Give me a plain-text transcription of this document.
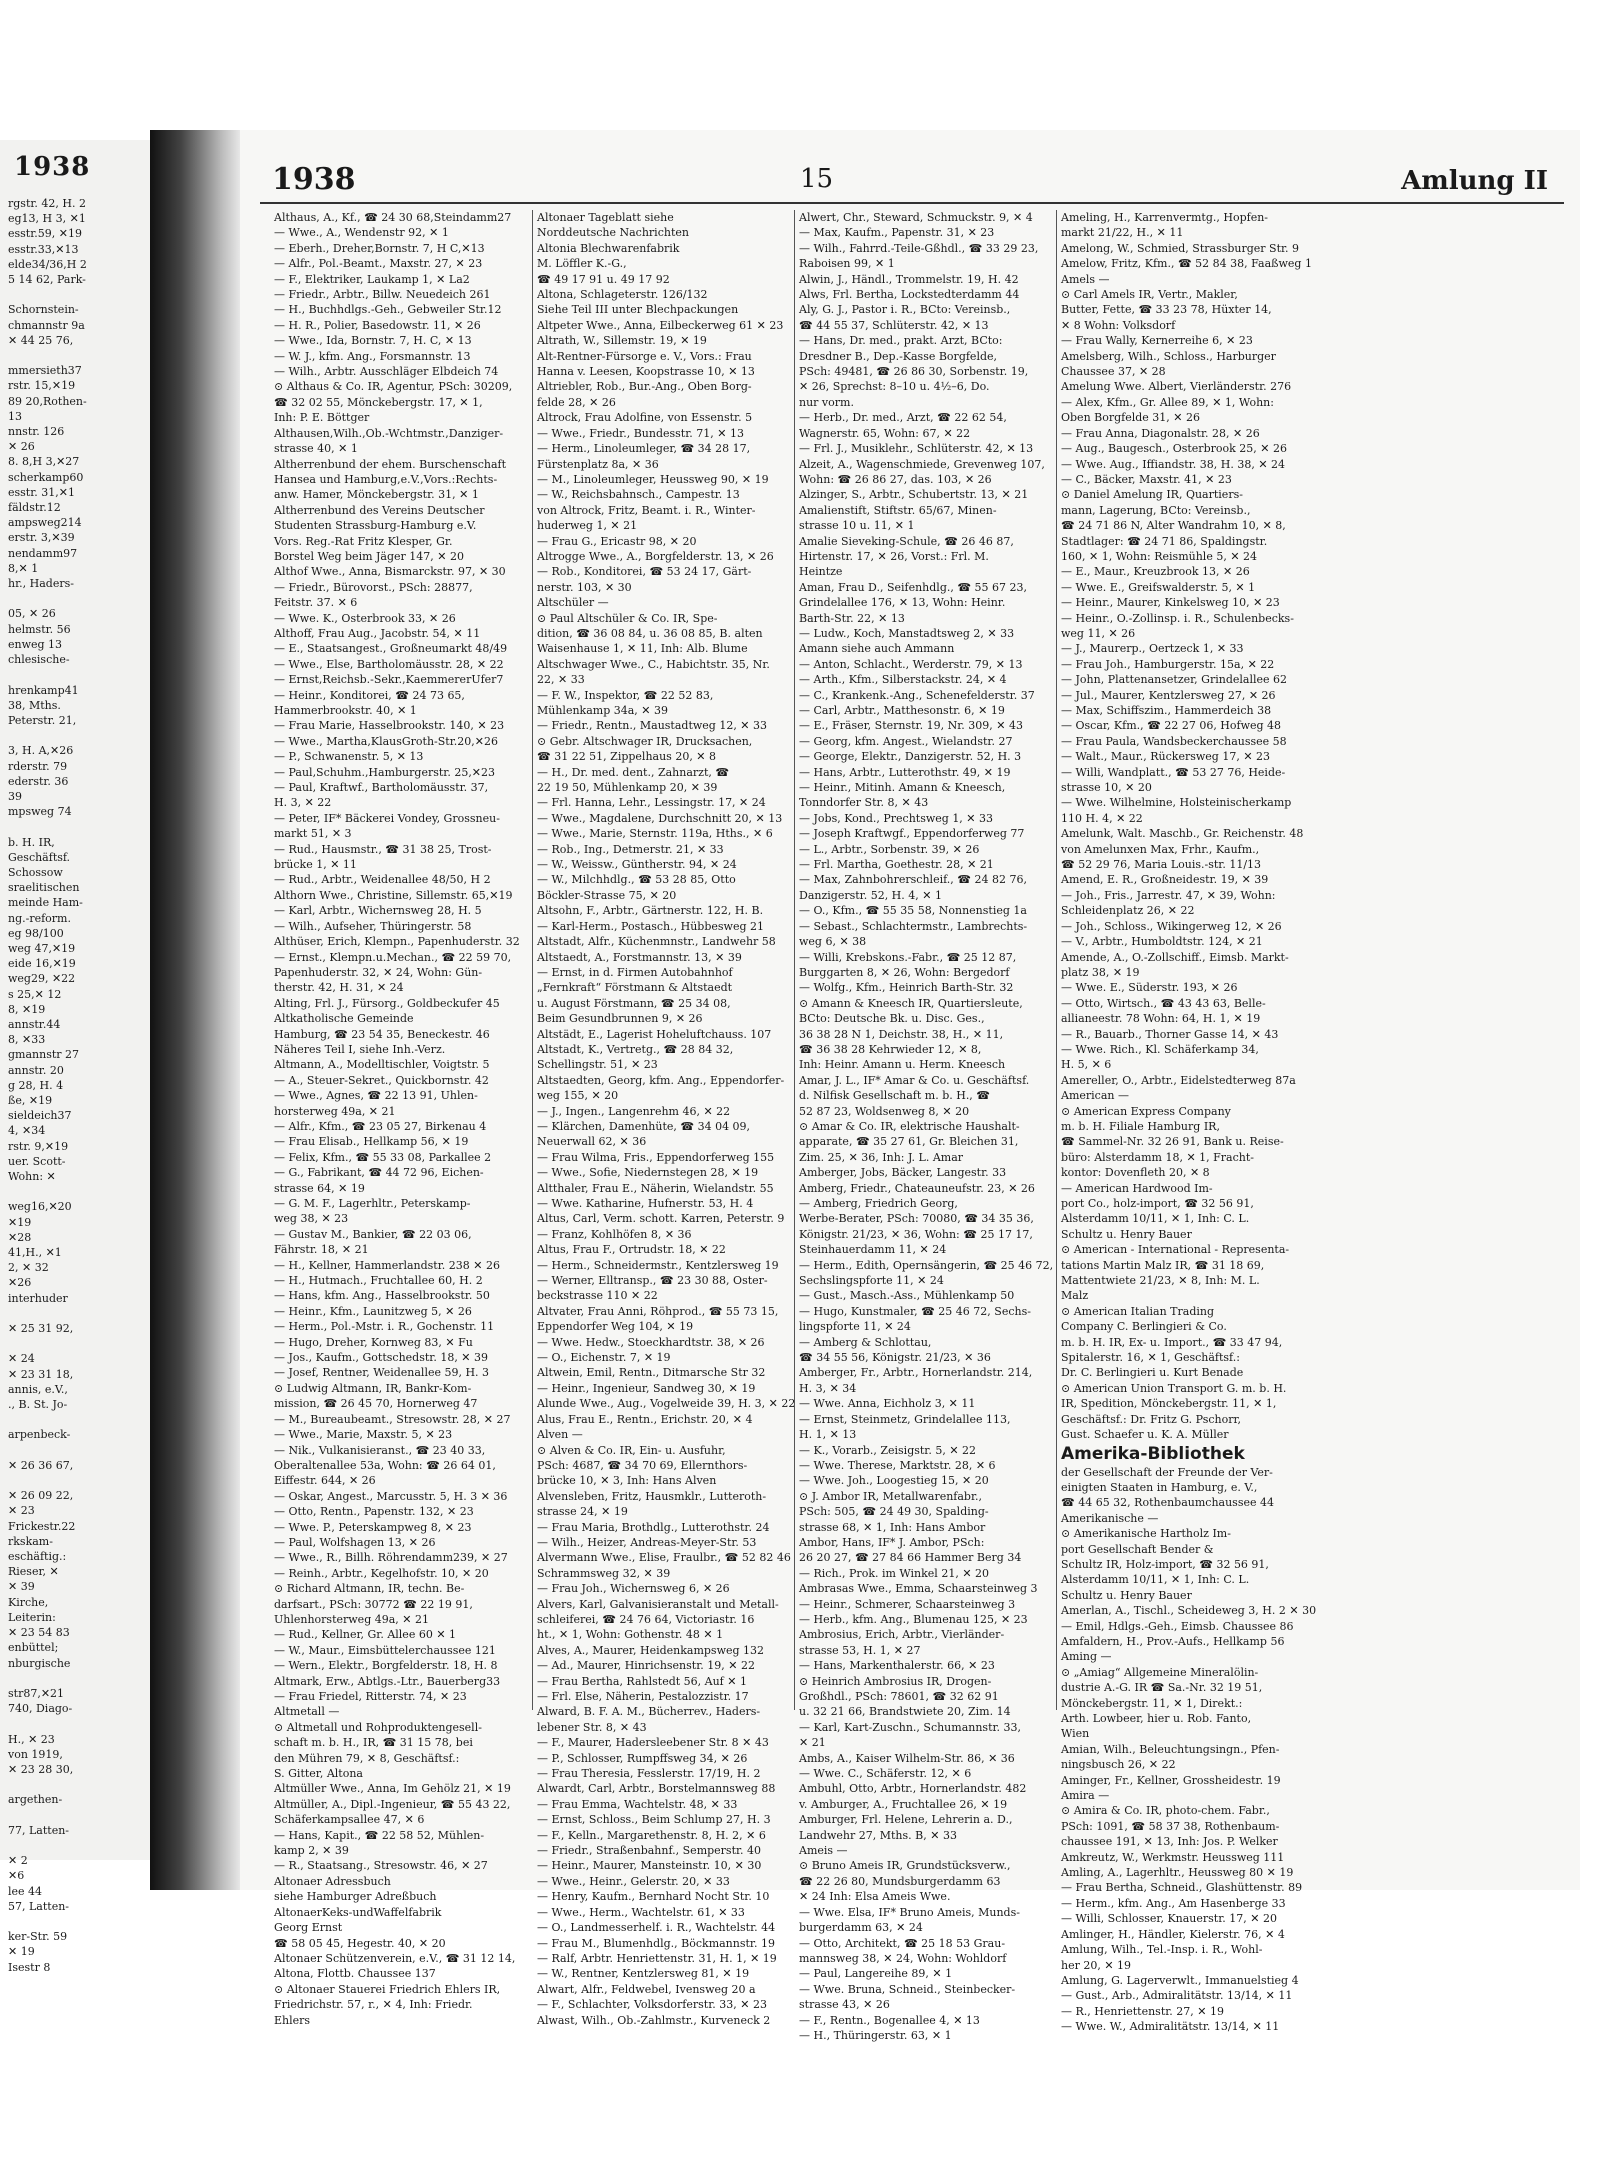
1938
rgstr. 42, H. 2
eg13, H 3, ✕1
esstr.59, ✕19
esstr.33,✕13
elde34/36,H 2
5 14 62, Park-

Schornstein-
chmannstr 9a
✕ 44 25 76,

mmersieth37
rstr. 15,✕19
89 20,Rothen-
13
nnstr. 126
✕ 26
8. 8,H 3,✕27
scherkamp60
esstr. 31,✕1
fäldstr.12
ampsweg214
erstr. 3,✕39
nendamm97
8,✕ 1
hr., Haders-

05, ✕ 26
helmstr. 56
enweg 13
chlesische-

hrenkamp41
38, Mths.
Peterstr. 21,

3, H. A,✕26
rderstr. 79
ederstr. 36
39
mpsweg 74

b. H. IR,
Geschäftsf.
Schossow
sraelitischen
meinde Ham-
ng.-reform.
eg 98/100
weg 47,✕19
eide 16,✕19
weg29, ✕22
s 25,✕ 12
8, ✕19
annstr.44
8, ✕33
gmannstr 27
annstr. 20
g 28, H. 4
ße, ✕19
sieldeich37
4, ✕34
rstr. 9,✕19
uer. Scott-
Wohn: ✕

weg16,✕20
✕19
✕28
41,H., ✕1
2, ✕ 32
✕26
interhuder

✕ 25 31 92,

✕ 24
✕ 23 31 18,
annis, e.V.,
., B. St. Jo-

arpenbeck-

✕ 26 36 67,

✕ 26 09 22,
✕ 23
Frickestr.22
rkskam-
eschäftig.:
Rieser, ✕
✕ 39
Kirche,
Leiterin:
✕ 23 54 83
enbüttel;
nburgische

str87,✕21
740, Diago-

H., ✕ 23
von 1919,
✕ 23 28 30,

argethen-

77, Latten-

✕ 2
✕6
lee 44
57, Latten-

ker-Str. 59
✕ 19
Isestr 8
1938	15	Amlung II
Althaus, A., Kf., ☎ 24 30 68,Steindamm27
— Wwe., A., Wendenstr 92, ✕ 1
— Eberh., Dreher,Bornstr. 7, H C,✕13
— Alfr., Pol.-Beamt., Maxstr. 27, ✕ 23
— F., Elektriker, Laukamp 1, ✕ La2
— Friedr., Arbtr., Billw. Neuedeich 261
— H., Buchhdlgs.-Geh., Gebweiler Str.12
— H. R., Polier, Basedowstr. 11, ✕ 26
— Wwe., Ida, Bornstr. 7, H. C, ✕ 13
— W. J., kfm. Ang., Forsmannstr. 13
— Wilh., Arbtr. Ausschläger Elbdeich 74
⊙ Althaus & Co. IR, Agentur, PSch: 30209,
☎ 32 02 55, Mönckebergstr. 17, ✕ 1,
Inh: P. E. Böttger
Althausen,Wilh.,Ob.-Wchtmstr.,Danziger-
strasse 40, ✕ 1
Altherrenbund der ehem. Burschenschaft
Hansea und Hamburg,e.V.,Vors.:Rechts-
anw. Hamer, Mönckebergstr. 31, ✕ 1
Altherrenbund des Vereins Deutscher
Studenten Strassburg-Hamburg e.V.
Vors. Reg.-Rat Fritz Klesper, Gr.
Borstel Weg beim Jäger 147, ✕ 20
Althof Wwe., Anna, Bismarckstr. 97, ✕ 30
— Friedr., Bürovorst., PSch: 28877,
Feitstr. 37. ✕ 6
— Wwe. K., Osterbrook 33, ✕ 26
Althoff, Frau Aug., Jacobstr. 54, ✕ 11
— E., Staatsangest., Großneumarkt 48/49
— Wwe., Else, Bartholomäusstr. 28, ✕ 22
— Ernst,Reichsb.-Sekr.,KaemmererUfer7
— Heinr., Konditorei, ☎ 24 73 65,
Hammerbrookstr. 40, ✕ 1
— Frau Marie, Hasselbrookstr. 140, ✕ 23
— Wwe., Martha,KlausGroth-Str.20,✕26
— P., Schwanenstr. 5, ✕ 13
— Paul,Schuhm.,Hamburgerstr. 25,✕23
— Paul, Kraftwf., Bartholomäusstr. 37,
H. 3, ✕ 22
— Peter, IF* Bäckerei Vondey, Grossneu-
markt 51, ✕ 3
— Rud., Hausmstr., ☎ 31 38 25, Trost-
brücke 1, ✕ 11
— Rud., Arbtr., Weidenallee 48/50, H 2
Althorn Wwe., Christine, Sillemstr. 65,✕19
— Karl, Arbtr., Wichernsweg 28, H. 5
— Wilh., Aufseher, Thüringerstr. 58
Althüser, Erich, Klempn., Papenhuderstr. 32
— Ernst., Klempn.u.Mechan., ☎ 22 59 70,
Papenhuderstr. 32, ✕ 24, Wohn: Gün-
therstr. 42, H. 31, ✕ 24
Alting, Frl. J., Fürsorg., Goldbeckufer 45
Altkatholische Gemeinde
Hamburg, ☎ 23 54 35, Beneckestr. 46
Näheres Teil I, siehe Inh.-Verz.
Altmann, A., Modelltischler, Voigtstr. 5
— A., Steuer-Sekret., Quickbornstr. 42
— Wwe., Agnes, ☎ 22 13 91, Uhlen-
horsterweg 49a, ✕ 21
— Alfr., Kfm., ☎ 23 05 27, Birkenau 4
— Frau Elisab., Hellkamp 56, ✕ 19
— Felix, Kfm., ☎ 55 33 08, Parkallee 2
— G., Fabrikant, ☎ 44 72 96, Eichen-
strasse 64, ✕ 19
— G. M. F., Lagerhltr., Peterskamp-
weg 38, ✕ 23
— Gustav M., Bankier, ☎ 22 03 06,
Fährstr. 18, ✕ 21
— H., Kellner, Hammerlandstr. 238 ✕ 26
— H., Hutmach., Fruchtallee 60, H. 2
— Hans, kfm. Ang., Hasselbrookstr. 50
— Heinr., Kfm., Launitzweg 5, ✕ 26
— Herm., Pol.-Mstr. i. R., Gochenstr. 11
— Hugo, Dreher, Kornweg 83, ✕ Fu
— Jos., Kaufm., Gottschedstr. 18, ✕ 39
— Josef, Rentner, Weidenallee 59, H. 3
⊙ Ludwig Altmann, IR, Bankr-Kom-
mission, ☎ 26 45 70, Hornerweg 47
— M., Bureaubeamt., Stresowstr. 28, ✕ 27
— Wwe., Marie, Maxstr. 5, ✕ 23
— Nik., Vulkanisieranst., ☎ 23 40 33,
Oberaltenallee 53a, Wohn: ☎ 26 64 01,
Eiffestr. 644, ✕ 26
— Oskar, Angest., Marcusstr. 5, H. 3 ✕ 36
— Otto, Rentn., Papenstr. 132, ✕ 23
— Wwe. P., Peterskampweg 8, ✕ 23
— Paul, Wolfshagen 13, ✕ 26
— Wwe., R., Billh. Röhrendamm239, ✕ 27
— Reinh., Arbtr., Kegelhofstr. 10, ✕ 20
⊙ Richard Altmann, IR, techn. Be-
darfsart., PSch: 30772 ☎ 22 19 91,
Uhlenhorsterweg 49a, ✕ 21
— Rud., Kellner, Gr. Allee 60 ✕ 1
— W., Maur., Eimsbüttelerchaussee 121
— Wern., Elektr., Borgfelderstr. 18, H. 8
Altmark, Erw., Abtlgs.-Ltr., Bauerberg33
— Frau Friedel, Ritterstr. 74, ✕ 23
Altmetall —
⊙ Altmetall und Rohproduktengesell-
schaft m. b. H., IR, ☎ 31 15 78, bei
den Mühren 79, ✕ 8, Geschäftsf.:
S. Gitter, Altona
Altmüller Wwe., Anna, Im Gehölz 21, ✕ 19
Altmüller, A., Dipl.-Ingenieur, ☎ 55 43 22,
Schäferkampsallee 47, ✕ 6
— Hans, Kapit., ☎ 22 58 52, Mühlen-
kamp 2, ✕ 39
— R., Staatsang., Stresowstr. 46, ✕ 27
Altonaer Adressbuch
siehe Hamburger Adreßbuch
AltonaerKeks-undWaffelfabrik
Georg Ernst
☎ 58 05 45, Hegestr. 40, ✕ 20
Altonaer Schützenverein, e.V., ☎ 31 12 14,
Altona, Flottb. Chaussee 137
⊙ Altonaer Stauerei Friedrich Ehlers IR,
Friedrichstr. 57, r., ✕ 4, Inh: Friedr.
Ehlers
Altonaer Tageblatt siehe
Norddeutsche Nachrichten
Altonia Blechwarenfabrik
M. Löffler K.-G.,
☎ 49 17 91 u. 49 17 92
Altona, Schlageterstr. 126/132
Siehe Teil III unter Blechpackungen
Altpeter Wwe., Anna, Eilbeckerweg 61 ✕ 23
Altrath, W., Sillemstr. 19, ✕ 19
Alt-Rentner-Fürsorge e. V., Vors.: Frau
Hanna v. Leesen, Koopstrasse 10, ✕ 13
Altriebler, Rob., Bur.-Ang., Oben Borg-
felde 28, ✕ 26
Altrock, Frau Adolfine, von Essenstr. 5
— Wwe., Friedr., Bundesstr. 71, ✕ 13
— Herm., Linoleumleger, ☎ 34 28 17,
Fürstenplatz 8a, ✕ 36
— M., Linoleumleger, Heussweg 90, ✕ 19
— W., Reichsbahnsch., Campestr. 13
von Altrock, Fritz, Beamt. i. R., Winter-
huderweg 1, ✕ 21
— Frau G., Ericastr 98, ✕ 20
Altrogge Wwe., A., Borgfelderstr. 13, ✕ 26
— Rob., Konditorei, ☎ 53 24 17, Gärt-
nerstr. 103, ✕ 30
Altschüler —
⊙ Paul Altschüler & Co. IR, Spe-
dition, ☎ 36 08 84, u. 36 08 85, B. alten
Waisenhause 1, ✕ 11, Inh: Alb. Blume
Altschwager Wwe., C., Habichtstr. 35, Nr.
22, ✕ 33
— F. W., Inspektor, ☎ 22 52 83,
Mühlenkamp 34a, ✕ 39
— Friedr., Rentn., Maustadtweg 12, ✕ 33
⊙ Gebr. Altschwager IR, Drucksachen,
☎ 31 22 51, Zippelhaus 20, ✕ 8
— H., Dr. med. dent., Zahnarzt, ☎
22 19 50, Mühlenkamp 20, ✕ 39
— Frl. Hanna, Lehr., Lessingstr. 17, ✕ 24
— Wwe., Magdalene, Durchschnitt 20, ✕ 13
— Wwe., Marie, Sternstr. 119a, Hths., ✕ 6
— Rob., Ing., Detmerstr. 21, ✕ 33
— W., Weissw., Güntherstr. 94, ✕ 24
— W., Milchhdlg., ☎ 53 28 85, Otto
Böckler-Strasse 75, ✕ 20
Altsohn, F., Arbtr., Gärtnerstr. 122, H. B.
— Karl-Herm., Postasch., Hübbesweg 21
Altstadt, Alfr., Küchenmnstr., Landwehr 58
Altstaedt, A., Forstmannstr. 13, ✕ 39
— Ernst, in d. Firmen Autobahnhof
„Fernkraft“ Förstmann & Altstaedt
u. August Förstmann, ☎ 25 34 08,
Beim Gesundbrunnen 9, ✕ 26
Altstädt, E., Lagerist Hoheluftchauss. 107
Altstadt, K., Vertretg., ☎ 28 84 32,
Schellingstr. 51, ✕ 23
Altstaedten, Georg, kfm. Ang., Eppendorfer-
weg 155, ✕ 20
— J., Ingen., Langenrehm 46, ✕ 22
— Klärchen, Damenhüte, ☎ 34 04 09,
Neuerwall 62, ✕ 36
— Frau Wilma, Fris., Eppendorferweg 155
— Wwe., Sofie, Niedernstegen 28, ✕ 19
Altthaler, Frau E., Näherin, Wielandstr. 55
— Wwe. Katharine, Hufnerstr. 53, H. 4
Altus, Carl, Verm. schott. Karren, Peterstr. 9
— Franz, Kohlhöfen 8, ✕ 36
Altus, Frau F., Ortrudstr. 18, ✕ 22
— Herm., Schneidermstr., Kentzlersweg 19
— Werner, Elltransp., ☎ 23 30 88, Oster-
beckstrasse 110 ✕ 22
Altvater, Frau Anni, Röhprod., ☎ 55 73 15,
Eppendorfer Weg 104, ✕ 19
— Wwe. Hedw., Stoeckhardtstr. 38, ✕ 26
— O., Eichenstr. 7, ✕ 19
Altwein, Emil, Rentn., Ditmarsche Str 32
— Heinr., Ingenieur, Sandweg 30, ✕ 19
Alunde Wwe., Aug., Vogelweide 39, H. 3, ✕ 22
Alus, Frau E., Rentn., Erichstr. 20, ✕ 4
Alven —
⊙ Alven & Co. IR, Ein- u. Ausfuhr,
PSch: 4687, ☎ 34 70 69, Ellernthors-
brücke 10, ✕ 3, Inh: Hans Alven
Alvensleben, Fritz, Hausmklr., Lutteroth-
strasse 24, ✕ 19
— Frau Maria, Brothdlg., Lutterothstr. 24
— Wilh., Heizer, Andreas-Meyer-Str. 53
Alvermann Wwe., Elise, Fraulbr., ☎ 52 82 46
Schrammsweg 32, ✕ 39
— Frau Joh., Wichernsweg 6, ✕ 26
Alvers, Karl, Galvanisieranstalt und Metall-
schleiferei, ☎ 24 76 64, Victoriastr. 16
ht., ✕ 1, Wohn: Gothenstr. 48 ✕ 1
Alves, A., Maurer, Heidenkampsweg 132
— Ad., Maurer, Hinrichsenstr. 19, ✕ 22
— Frau Bertha, Rahlstedt 56, Auf ✕ 1
— Frl. Else, Näherin, Pestalozzistr. 17
Alward, B. F. A. M., Bücherrev., Haders-
lebener Str. 8, ✕ 43
— F., Maurer, Hadersleebener Str. 8 ✕ 43
— P., Schlosser, Rumpffsweg 34, ✕ 26
— Frau Theresia, Fesslerstr. 17/19, H. 2
Alwardt, Carl, Arbtr., Borstelmannsweg 88
— Frau Emma, Wachtelstr. 48, ✕ 33
— Ernst, Schloss., Beim Schlump 27, H. 3
— F., Kelln., Margarethenstr. 8, H. 2, ✕ 6
— Friedr., Straßenbahnf., Semperstr. 40
— Heinr., Maurer, Mansteinstr. 10, ✕ 30
— Wwe., Heinr., Gelerstr. 20, ✕ 33
— Henry, Kaufm., Bernhard Nocht Str. 10
— Wwe., Herm., Wachtelstr. 61, ✕ 33
— O., Landmesserhelf. i. R., Wachtelstr. 44
— Frau M., Blumenhdlg., Böckmannstr. 19
— Ralf, Arbtr. Henriettenstr. 31, H. 1, ✕ 19
— W., Rentner, Kentzlersweg 81, ✕ 19
Alwart, Alfr., Feldwebel, Ivensweg 20 a
— F., Schlachter, Volksdorferstr. 33, ✕ 23
Alwast, Wilh., Ob.-Zahlmstr., Kurveneck 2
Alwert, Chr., Steward, Schmuckstr. 9, ✕ 4
— Max, Kaufm., Papenstr. 31, ✕ 23
— Wilh., Fahrrd.-Teile-Gßhdl., ☎ 33 29 23,
Raboisen 99, ✕ 1
Alwin, J., Händl., Trommelstr. 19, H. 42
Alws, Frl. Bertha, Lockstedterdamm 44
Aly, G. J., Pastor i. R., BCto: Vereinsb.,
☎ 44 55 37, Schlüterstr. 42, ✕ 13
— Hans, Dr. med., prakt. Arzt, BCto:
Dresdner B., Dep.-Kasse Borgfelde,
PSch: 49481, ☎ 26 86 30, Sorbenstr. 19,
✕ 26, Sprechst: 8–10 u. 4½–6, Do.
nur vorm.
— Herb., Dr. med., Arzt, ☎ 22 62 54,
Wagnerstr. 65, Wohn: 67, ✕ 22
— Frl. J., Musiklehr., Schlüterstr. 42, ✕ 13
Alzeit, A., Wagenschmiede, Grevenweg 107,
Wohn: ☎ 26 86 27, das. 103, ✕ 26
Alzinger, S., Arbtr., Schubertstr. 13, ✕ 21
Amalienstift, Stiftstr. 65/67, Minen-
strasse 10 u. 11, ✕ 1
Amalie Sieveking-Schule, ☎ 26 46 87,
Hirtenstr. 17, ✕ 26, Vorst.: Frl. M.
Heintze
Aman, Frau D., Seifenhdlg., ☎ 55 67 23,
Grindelallee 176, ✕ 13, Wohn: Heinr.
Barth-Str. 22, ✕ 13
— Ludw., Koch, Manstadtsweg 2, ✕ 33
Amann siehe auch Ammann
— Anton, Schlacht., Werderstr. 79, ✕ 13
— Arth., Kfm., Silberstackstr. 24, ✕ 4
— C., Krankenk.-Ang., Schenefelderstr. 37
— Carl, Arbtr., Matthesonstr. 6, ✕ 19
— E., Fräser, Sternstr. 19, Nr. 309, ✕ 43
— Georg, kfm. Angest., Wielandstr. 27
— George, Elektr., Danzigerstr. 52, H. 3
— Hans, Arbtr., Lutterothstr. 49, ✕ 19
— Heinr., Mitinh. Amann & Kneesch,
Tonndorfer Str. 8, ✕ 43
— Jobs, Kond., Prechtsweg 1, ✕ 33
— Joseph Kraftwgf., Eppendorferweg 77
— L., Arbtr., Sorbenstr. 39, ✕ 26
— Frl. Martha, Goethestr. 28, ✕ 21
— Max, Zahnbohrerschleif., ☎ 24 82 76,
Danzigerstr. 52, H. 4, ✕ 1
— O., Kfm., ☎ 55 35 58, Nonnenstieg 1a
— Sebast., Schlachtermstr., Lambrechts-
weg 6, ✕ 38
— Willi, Krebskons.-Fabr., ☎ 25 12 87,
Burggarten 8, ✕ 26, Wohn: Bergedorf
— Wolfg., Kfm., Heinrich Barth-Str. 32
⊙ Amann & Kneesch IR, Quartiersleute,
BCto: Deutsche Bk. u. Disc. Ges.,
36 38 28 N 1, Deichstr. 38, H., ✕ 11,
☎ 36 38 28 Kehrwieder 12, ✕ 8,
Inh: Heinr. Amann u. Herm. Kneesch
Amar, J. L., IF* Amar & Co. u. Geschäftsf.
d. Nilfisk Gesellschaft m. b. H., ☎
52 87 23, Woldsenweg 8, ✕ 20
⊙ Amar & Co. IR, elektrische Haushalt-
apparate, ☎ 35 27 61, Gr. Bleichen 31,
Zim. 25, ✕ 36, Inh: J. L. Amar
Amberger, Jobs, Bäcker, Langestr. 33
Amberg, Friedr., Chateauneufstr. 23, ✕ 26
— Amberg, Friedrich Georg,
Werbe-Berater, PSch: 70080, ☎ 34 35 36,
Königstr. 21/23, ✕ 36, Wohn: ☎ 25 17 17,
Steinhauerdamm 11, ✕ 24
— Herm., Edith, Opernsängerin, ☎ 25 46 72,
Sechslingspforte 11, ✕ 24
— Gust., Masch.-Ass., Mühlenkamp 50
— Hugo, Kunstmaler, ☎ 25 46 72, Sechs-
lingspforte 11, ✕ 24
— Amberg & Schlottau,
☎ 34 55 56, Königstr. 21/23, ✕ 36
Amberger, Fr., Arbtr., Hornerlandstr. 214,
H. 3, ✕ 34
— Wwe. Anna, Eichholz 3, ✕ 11
— Ernst, Steinmetz, Grindelallee 113,
H. 1, ✕ 13
— K., Vorarb., Zeisigstr. 5, ✕ 22
— Wwe. Therese, Marktstr. 28, ✕ 6
— Wwe. Joh., Loogestieg 15, ✕ 20
⊙ J. Ambor IR, Metallwarenfabr.,
PSch: 505, ☎ 24 49 30, Spalding-
strasse 68, ✕ 1, Inh: Hans Ambor
Ambor, Hans, IF* J. Ambor, PSch:
26 20 27, ☎ 27 84 66 Hammer Berg 34
— Rich., Prok. im Winkel 21, ✕ 20
Ambrasas Wwe., Emma, Schaarsteinweg 3
— Heinr., Schmerer, Schaarsteinweg 3
— Herb., kfm. Ang., Blumenau 125, ✕ 23
Ambrosius, Erich, Arbtr., Vierländer-
strasse 53, H. 1, ✕ 27
— Hans, Markenthalerstr. 66, ✕ 23
⊙ Heinrich Ambrosius IR, Drogen-
Großhdl., PSch: 78601, ☎ 32 62 91
u. 32 21 66, Brandstwiete 20, Zim. 14
— Karl, Kart-Zuschn., Schumannstr. 33,
✕ 21
Ambs, A., Kaiser Wilhelm-Str. 86, ✕ 36
— Wwe. C., Schäferstr. 12, ✕ 6
Ambuhl, Otto, Arbtr., Hornerlandstr. 482
v. Amburger, A., Fruchtallee 26, ✕ 19
Amburger, Frl. Helene, Lehrerin a. D.,
Landwehr 27, Mths. B, ✕ 33
Ameis —
⊙ Bruno Ameis IR, Grundstücksverw.,
☎ 22 26 80, Mundsburgerdamm 63
✕ 24 Inh: Elsa Ameis Wwe.
— Wwe. Elsa, IF* Bruno Ameis, Munds-
burgerdamm 63, ✕ 24
— Otto, Architekt, ☎ 25 18 53 Grau-
mannsweg 38, ✕ 24, Wohn: Wohldorf
— Paul, Langereihe 89, ✕ 1
— Wwe. Bruna, Schneid., Steinbecker-
strasse 43, ✕ 26
— F., Rentn., Bogenallee 4, ✕ 13
— H., Thüringerstr. 63, ✕ 1
Ameling, H., Karrenvermtg., Hopfen-
markt 21/22, H., ✕ 11
Amelong, W., Schmied, Strassburger Str. 9
Amelow, Fritz, Kfm., ☎ 52 84 38, Faaßweg 1
Amels —
⊙ Carl Amels IR, Vertr., Makler,
Butter, Fette, ☎ 33 23 78, Hüxter 14,
✕ 8 Wohn: Volksdorf
— Frau Wally, Kernerreihe 6, ✕ 23
Amelsberg, Wilh., Schloss., Harburger
Chaussee 37, ✕ 28
Amelung Wwe. Albert, Vierländerstr. 276
— Alex, Kfm., Gr. Allee 89, ✕ 1, Wohn:
Oben Borgfelde 31, ✕ 26
— Frau Anna, Diagonalstr. 28, ✕ 26
— Aug., Baugesch., Osterbrook 25, ✕ 26
— Wwe. Aug., Iffiandstr. 38, H. 38, ✕ 24
— C., Bäcker, Maxstr. 41, ✕ 23
⊙ Daniel Amelung IR, Quartiers-
mann, Lagerung, BCto: Vereinsb.,
☎ 24 71 86 N, Alter Wandrahm 10, ✕ 8,
Stadtlager: ☎ 24 71 86, Spaldingstr.
160, ✕ 1, Wohn: Reismühle 5, ✕ 24
— E., Maur., Kreuzbrook 13, ✕ 26
— Wwe. E., Greifswalderstr. 5, ✕ 1
— Heinr., Maurer, Kinkelsweg 10, ✕ 23
— Heinr., O.-Zollinsp. i. R., Schulenbecks-
weg 11, ✕ 26
— J., Maurerp., Oertzeck 1, ✕ 33
— Frau Joh., Hamburgerstr. 15a, ✕ 22
— John, Plattenansetzer, Grindelallee 62
— Jul., Maurer, Kentzlersweg 27, ✕ 26
— Max, Schiffszim., Hammerdeich 38
— Oscar, Kfm., ☎ 22 27 06, Hofweg 48
— Frau Paula, Wandsbeckerchaussee 58
— Walt., Maur., Rückersweg 17, ✕ 23
— Willi, Wandplatt., ☎ 53 27 76, Heide-
strasse 10, ✕ 20
— Wwe. Wilhelmine, Holsteinischerkamp
110 H. 4, ✕ 22
Amelunk, Walt. Maschb., Gr. Reichenstr. 48
von Amelunxen Max, Frhr., Kaufm.,
☎ 52 29 76, Maria Louis.-str. 11/13
Amend, E. R., Großneidestr. 19, ✕ 39
— Joh., Fris., Jarrestr. 47, ✕ 39, Wohn:
Schleidenplatz 26, ✕ 22
— Joh., Schloss., Wikingerweg 12, ✕ 26
— V., Arbtr., Humboldtstr. 124, ✕ 21
Amende, A., O.-Zollschiff., Eimsb. Markt-
platz 38, ✕ 19
— Wwe. E., Süderstr. 193, ✕ 26
— Otto, Wirtsch., ☎ 43 43 63, Belle-
allianeestr. 78 Wohn: 64, H. 1, ✕ 19
— R., Bauarb., Thorner Gasse 14, ✕ 43
— Wwe. Rich., Kl. Schäferkamp 34,
H. 5, ✕ 6
Amereller, O., Arbtr., Eidelstedterweg 87a
American —
⊙ American Express Company
m. b. H. Filiale Hamburg IR,
☎ Sammel-Nr. 32 26 91, Bank u. Reise-
büro: Alsterdamm 18, ✕ 1, Fracht-
kontor: Dovenfleth 20, ✕ 8
— American Hardwood Im-
port Co., holz-import, ☎ 32 56 91,
Alsterdamm 10/11, ✕ 1, Inh: C. L.
Schultz u. Henry Bauer
⊙ American - International - Representa-
tations Martin Malz IR, ☎ 31 18 69,
Mattentwiete 21/23, ✕ 8, Inh: M. L.
Malz
⊙ American Italian Trading
Company C. Berlingieri & Co.
m. b. H. IR, Ex- u. Import., ☎ 33 47 94,
Spitalerstr. 16, ✕ 1, Geschäftsf.:
Dr. C. Berlingieri u. Kurt Benade
⊙ American Union Transport G. m. b. H.
IR, Spedition, Mönckebergstr. 11, ✕ 1,
Geschäftsf.: Dr. Fritz G. Pschorr,
Gust. Schaefer u. K. A. Müller
Amerika-Bibliothek
der Gesellschaft der Freunde der Ver-
einigten Staaten in Hamburg, e. V.,
☎ 44 65 32, Rothenbaumchaussee 44
Amerikanische —
⊙ Amerikanische Hartholz Im-
port Gesellschaft Bender &
Schultz IR, Holz-import, ☎ 32 56 91,
Alsterdamm 10/11, ✕ 1, Inh: C. L.
Schultz u. Henry Bauer
Amerlan, A., Tischl., Scheideweg 3, H. 2 ✕ 30
— Emil, Hdlgs.-Geh., Eimsb. Chaussee 86
Amfaldern, H., Prov.-Aufs., Hellkamp 56
Aming —
⊙ „Amiag“ Allgemeine Mineralölin-
dustrie A.-G. IR ☎ Sa.-Nr. 32 19 51,
Mönckebergstr. 11, ✕ 1, Direkt.:
Arth. Lowbeer, hier u. Rob. Fanto,
Wien
Amian, Wilh., Beleuchtungsingn., Pfen-
ningsbusch 26, ✕ 22
Aminger, Fr., Kellner, Grossheidestr. 19
Amira —
⊙ Amira & Co. IR, photo-chem. Fabr.,
PSch: 1091, ☎ 58 37 38, Rothenbaum-
chaussee 191, ✕ 13, Inh: Jos. P. Welker
Amkreutz, W., Werkmstr. Heussweg 111
Amling, A., Lagerhltr., Heussweg 80 ✕ 19
— Frau Bertha, Schneid., Glashüttenstr. 89
— Herm., kfm. Ang., Am Hasenberge 33
— Willi, Schlosser, Knauerstr. 17, ✕ 20
Amlinger, H., Händler, Kielerstr. 76, ✕ 4
Amlung, Wilh., Tel.-Insp. i. R., Wohl-
her 20, ✕ 19
Amlung, G. Lagerverwlt., Immanuelstieg 4
— Gust., Arb., Admiralitätstr. 13/14, ✕ 11
— R., Henriettenstr. 27, ✕ 19
— Wwe. W., Admiralitätstr. 13/14, ✕ 11
